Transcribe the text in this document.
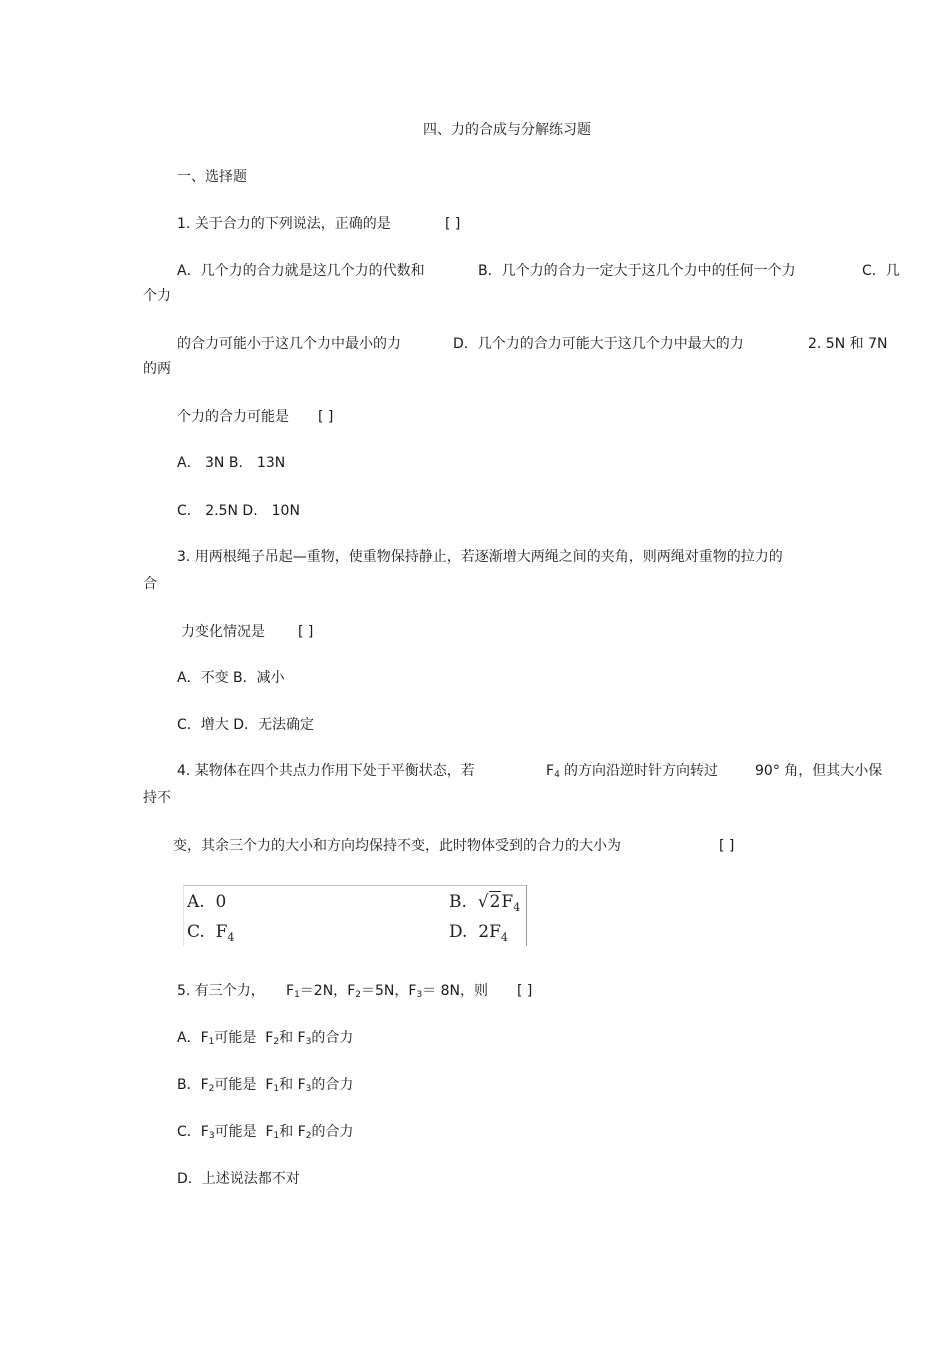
四、力的合成与分解练习题
一、选择题
1. 关于合力的下列说法，正确的是	[ ]
A．几个力的合力就是这几个力的代数和	B．几个力的合力一定大于这几个力中的任何一个力	C．几
个力
的合力可能小于这几个力中最小的力	D．几个力的合力可能大于这几个力中最大的力	2. 5N 和 7N
的两
个力的合力可能是 [ ]
A． 3N B． 13N
C． 2.5N D． 10N
3. 用两根绳子吊起—重物，使重物保持静止，若逐渐增大两绳之间的夹角，则两绳对重物的拉力的
合
力变化情况是 [ ]
A．不变 B．减小
C．增大 D．无法确定
4. 某物体在四个共点力作用下处于平衡状态，若	$F_4$ 的方向沿逆时针方向转过	90° 角，但其大小保
持不
变，其余三个力的大小和方向均保持不变，此时物体受到的合力的大小为	[ ]
A. 0	B. $√2F_4$
C. $F_4$	D. $2F_4$
5. 有三个力， $F_1=2N$，$F_2=5N$，$F_3= 8N$，则 [ ]
A．$F_1$可能是 $F_2$和 $F_3$的合力
B．$F_2$可能是 $F_1$和 $F_3$的合力
C．$F_3$可能是 $F_1$和 $F_2$的合力
D．上述说法都不对
